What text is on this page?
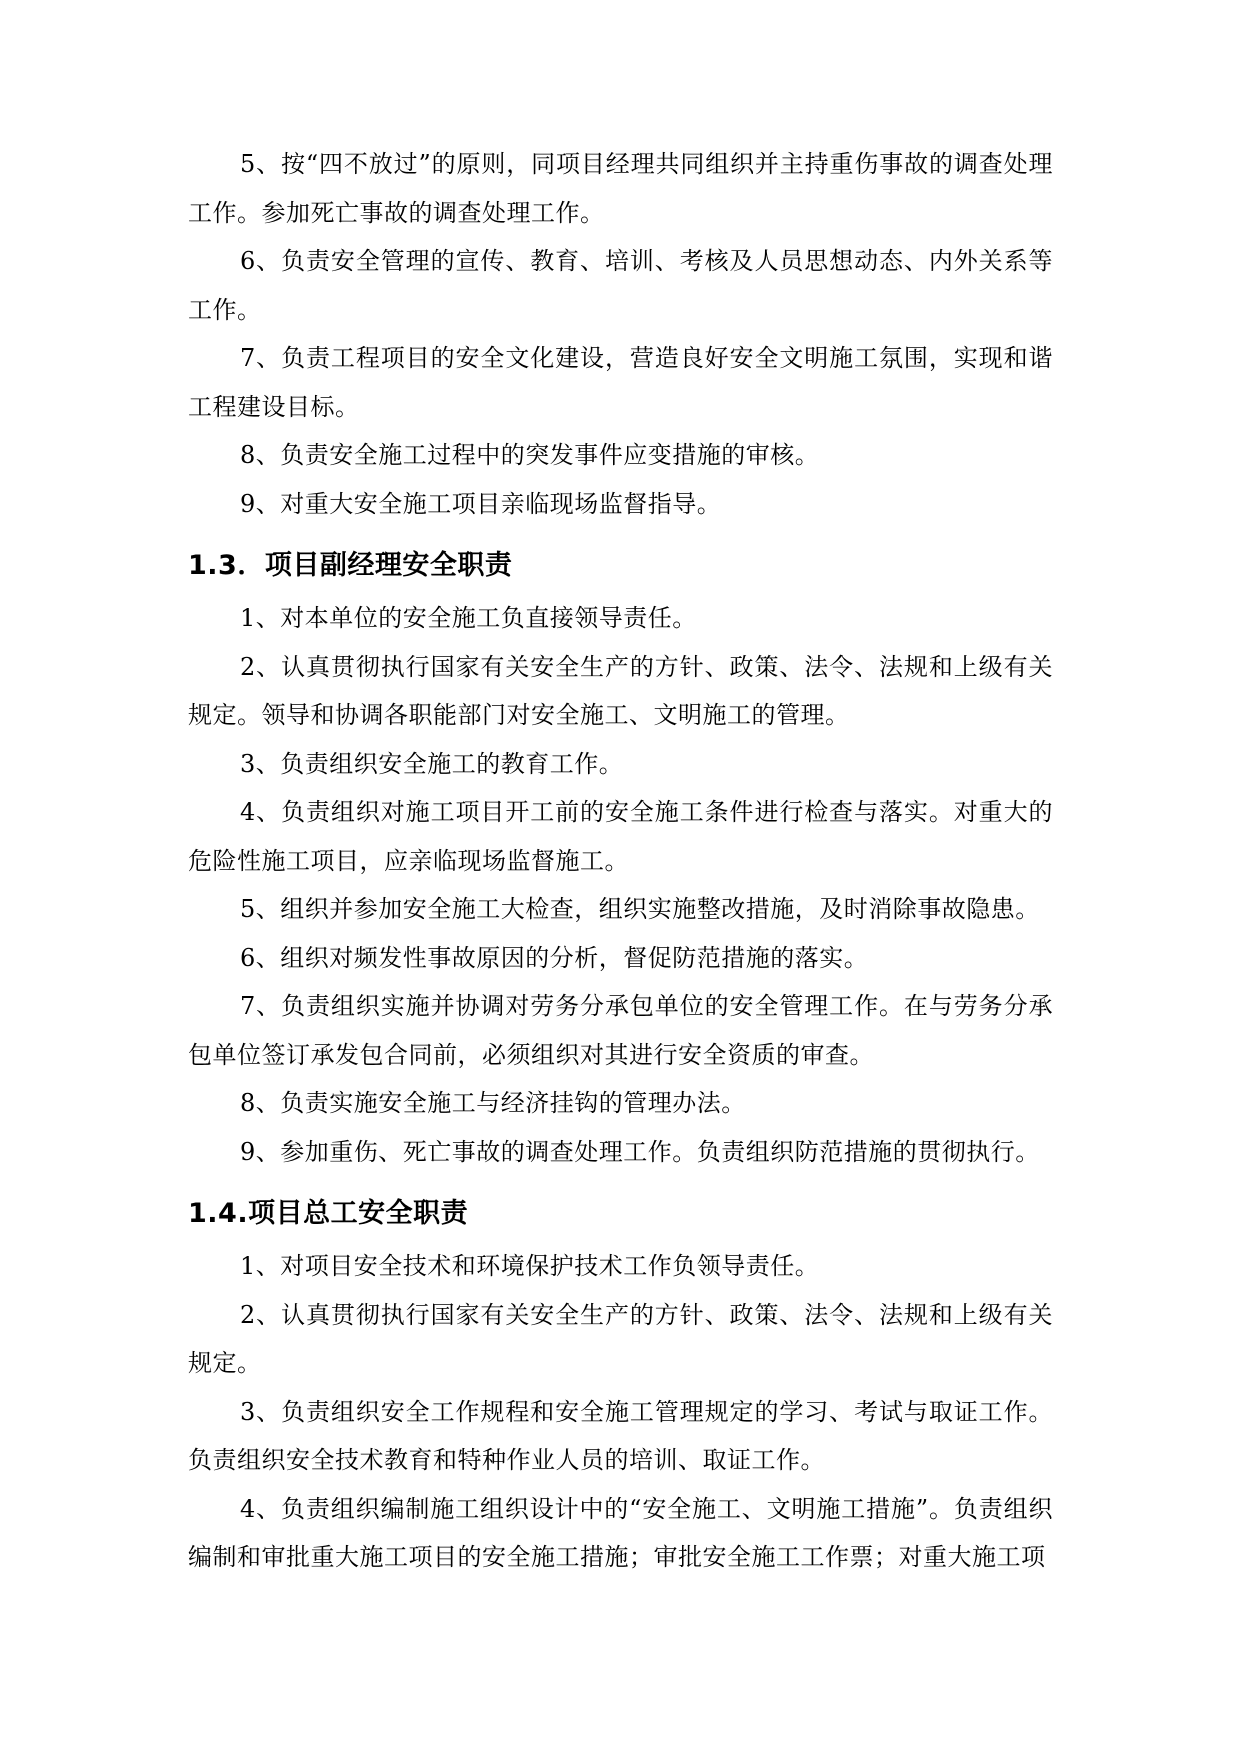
5、按“四不放过”的原则，同项目经理共同组织并主持重伤事故的调查处理工作。参加死亡事故的调查处理工作。

6、负责安全管理的宣传、教育、培训、考核及人员思想动态、内外关系等工作。

7、负责工程项目的安全文化建设，营造良好安全文明施工氛围，实现和谐工程建设目标。

8、负责安全施工过程中的突发事件应变措施的审核。

9、对重大安全施工项目亲临现场监督指导。

1.3．项目副经理安全职责

1、对本单位的安全施工负直接领导责任。

2、认真贯彻执行国家有关安全生产的方针、政策、法令、法规和上级有关规定。领导和协调各职能部门对安全施工、文明施工的管理。

3、负责组织安全施工的教育工作。

4、负责组织对施工项目开工前的安全施工条件进行检查与落实。对重大的危险性施工项目，应亲临现场监督施工。

5、组织并参加安全施工大检查，组织实施整改措施，及时消除事故隐患。

6、组织对频发性事故原因的分析，督促防范措施的落实。

7、负责组织实施并协调对劳务分承包单位的安全管理工作。在与劳务分承包单位签订承发包合同前，必须组织对其进行安全资质的审查。

8、负责实施安全施工与经济挂钩的管理办法。

9、参加重伤、死亡事故的调查处理工作。负责组织防范措施的贯彻执行。

1.4.项目总工安全职责

1、对项目安全技术和环境保护技术工作负领导责任。

2、认真贯彻执行国家有关安全生产的方针、政策、法令、法规和上级有关规定。

3、负责组织安全工作规程和安全施工管理规定的学习、考试与取证工作。负责组织安全技术教育和特种作业人员的培训、取证工作。

4、负责组织编制施工组织设计中的“安全施工、文明施工措施”。负责组织编制和审批重大施工项目的安全施工措施；审批安全施工工作票；对重大施工项
